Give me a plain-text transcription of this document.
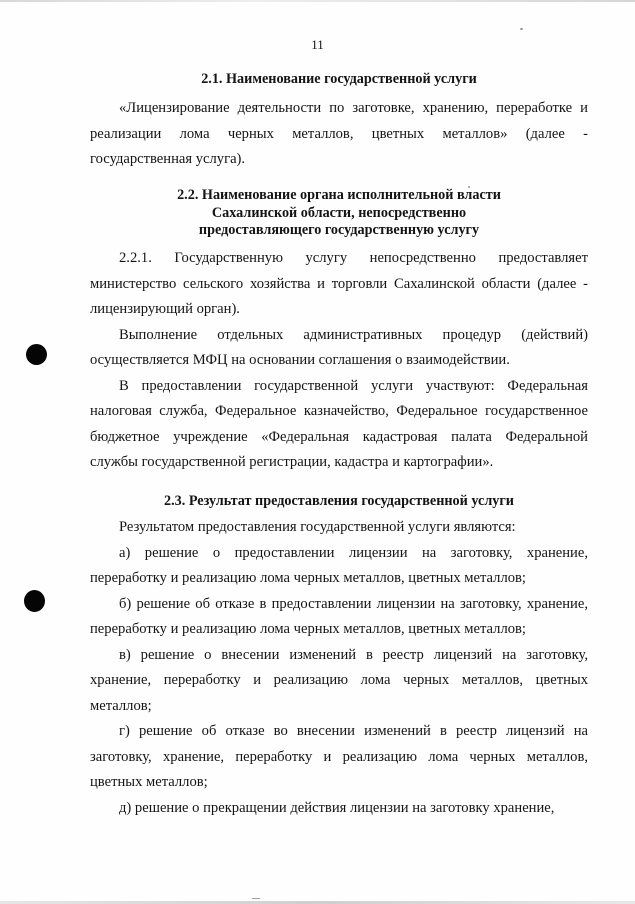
11
2.1. Наименование государственной услуги

«Лицензирование деятельности по заготовке, хранению, переработке и реализации лома черных металлов, цветных металлов» (далее - государственная услуга).

2.2. Наименование органа исполнительной власти
Сахалинской области, непосредственно
предоставляющего государственную услугу

2.2.1. Государственную услугу непосредственно предоставляет министерство сельского хозяйства и торговли Сахалинской области (далее - лицензирующий орган).

Выполнение отдельных административных процедур (действий) осуществляется МФЦ на основании соглашения о взаимодействии.

В предоставлении государственной услуги участвуют: Федеральная налоговая служба, Федеральное казначейство, Федеральное государственное бюджетное учреждение «Федеральная кадастровая палата Федеральной службы государственной регистрации, кадастра и картографии».

2.3. Результат предоставления государственной услуги

Результатом предоставления государственной услуги являются:

а) решение о предоставлении лицензии на заготовку, хранение, переработку и реализацию лома черных металлов, цветных металлов;

б) решение об отказе в предоставлении лицензии на заготовку, хранение, переработку и реализацию лома черных металлов, цветных металлов;

в) решение о внесении изменений в реестр лицензий на заготовку, хранение, переработку и реализацию лома черных металлов, цветных металлов;

г) решение об отказе во внесении изменений в реестр лицензий на заготовку, хранение, переработку и реализацию лома черных металлов, цветных металлов;

д) решение о прекращении действия лицензии на заготовку хранение,
